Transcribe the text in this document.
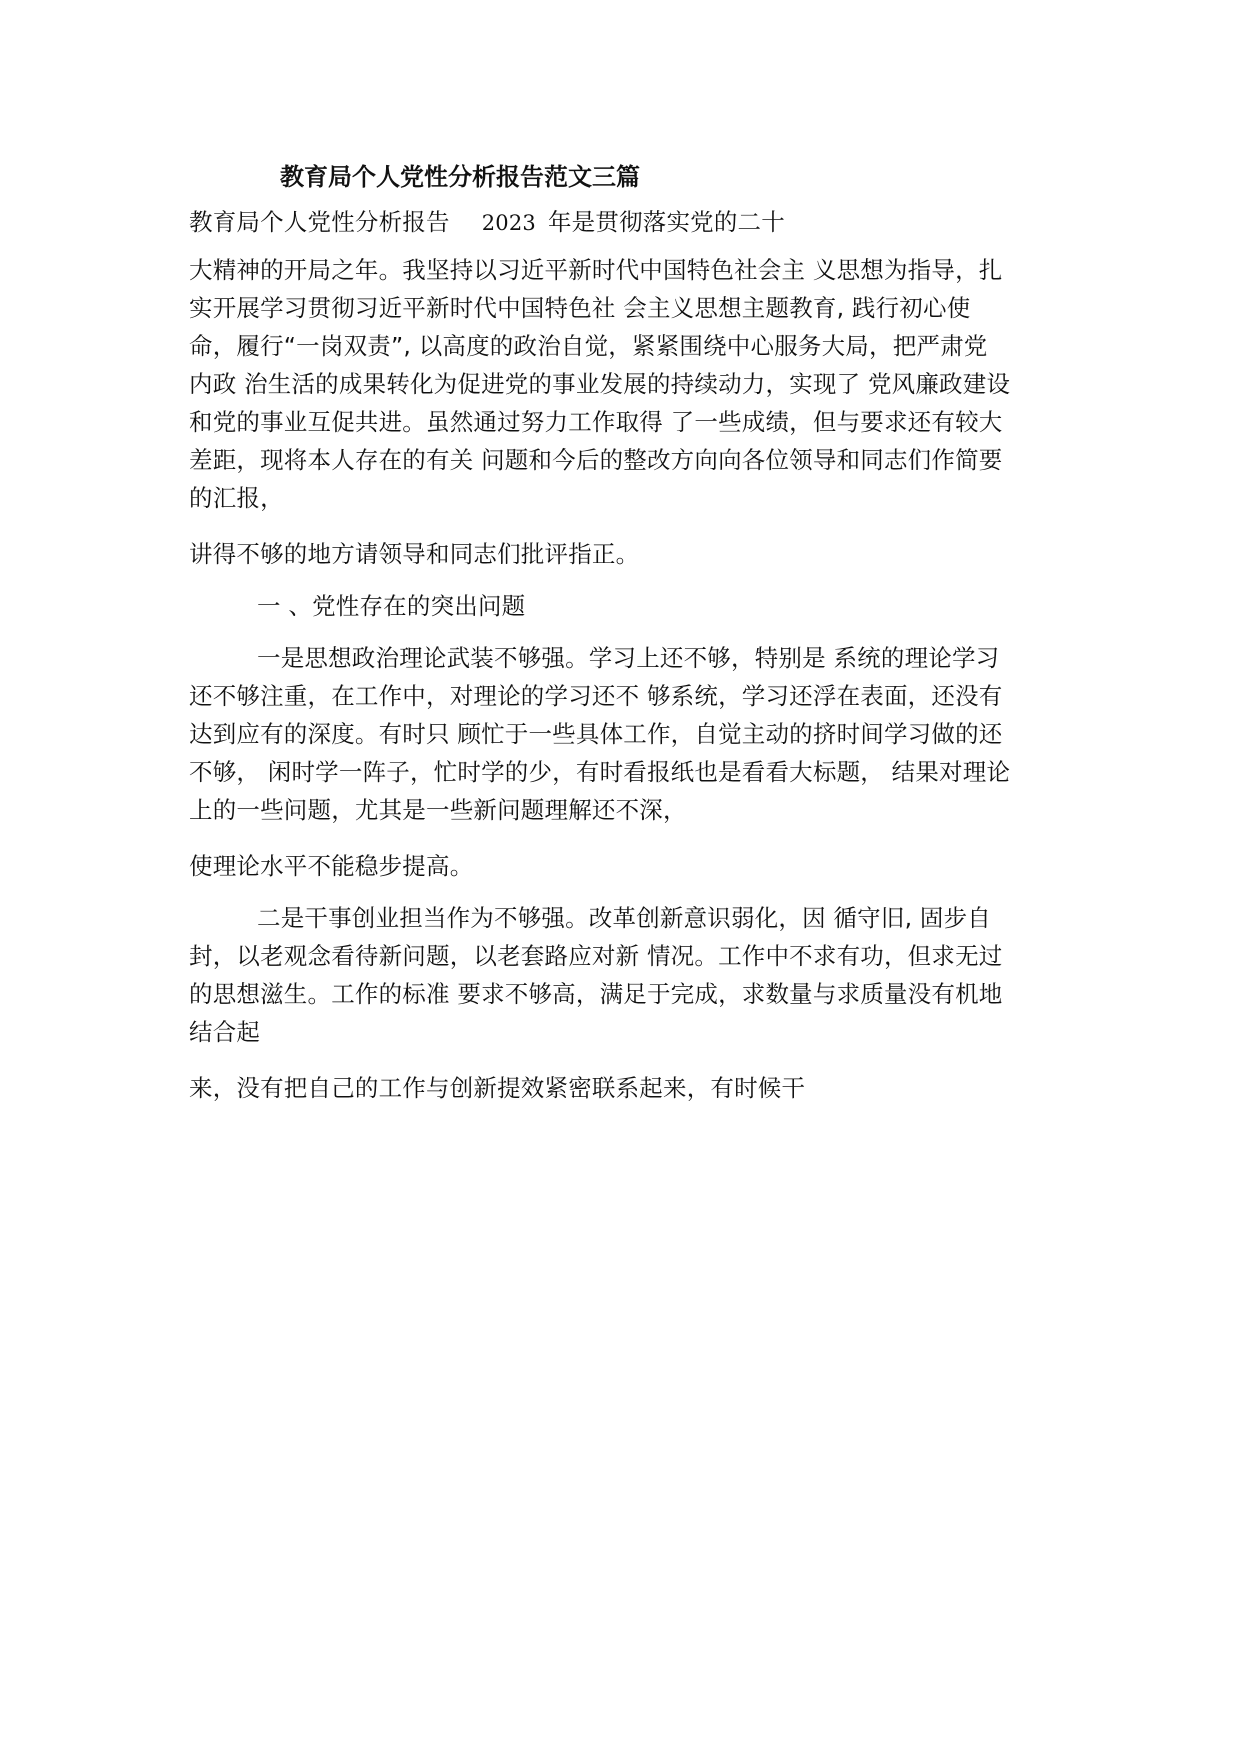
教育局个人党性分析报告范文三篇
教育局个人党性分析报告 2023 年是贯彻落实党的二十
大精神的开局之年。我坚持以习近平新时代中国特色社会主 义思想为指导，扎
实开展学习贯彻习近平新时代中国特色社 会主义思想主题教育, 践行初心使
命，履行“一岗双责”, 以高度的政治自觉，紧紧围绕中心服务大局，把严肃党
内政 治生活的成果转化为促进党的事业发展的持续动力，实现了 党风廉政建设
和党的事业互促共进。虽然通过努力工作取得 了一些成绩，但与要求还有较大
差距，现将本人存在的有关 问题和今后的整改方向向各位领导和同志们作简要
的汇报，
讲得不够的地方请领导和同志们批评指正。
一 、党性存在的突出问题
一是思想政治理论武装不够强。学习上还不够，特别是 系统的理论学习
还不够注重，在工作中，对理论的学习还不 够系统，学习还浮在表面，还没有
达到应有的深度。有时只 顾忙于一些具体工作，自觉主动的挤时间学习做的还
不够， 闲时学一阵子，忙时学的少，有时看报纸也是看看大标题， 结果对理论
上的一些问题，尤其是一些新问题理解还不深，
使理论水平不能稳步提高。
二是干事创业担当作为不够强。改革创新意识弱化，因 循守旧, 固步自
封，以老观念看待新问题，以老套路应对新 情况。工作中不求有功，但求无过
的思想滋生。工作的标准 要求不够高，满足于完成，求数量与求质量没有机地
结合起
来，没有把自己的工作与创新提效紧密联系起来，有时候干
